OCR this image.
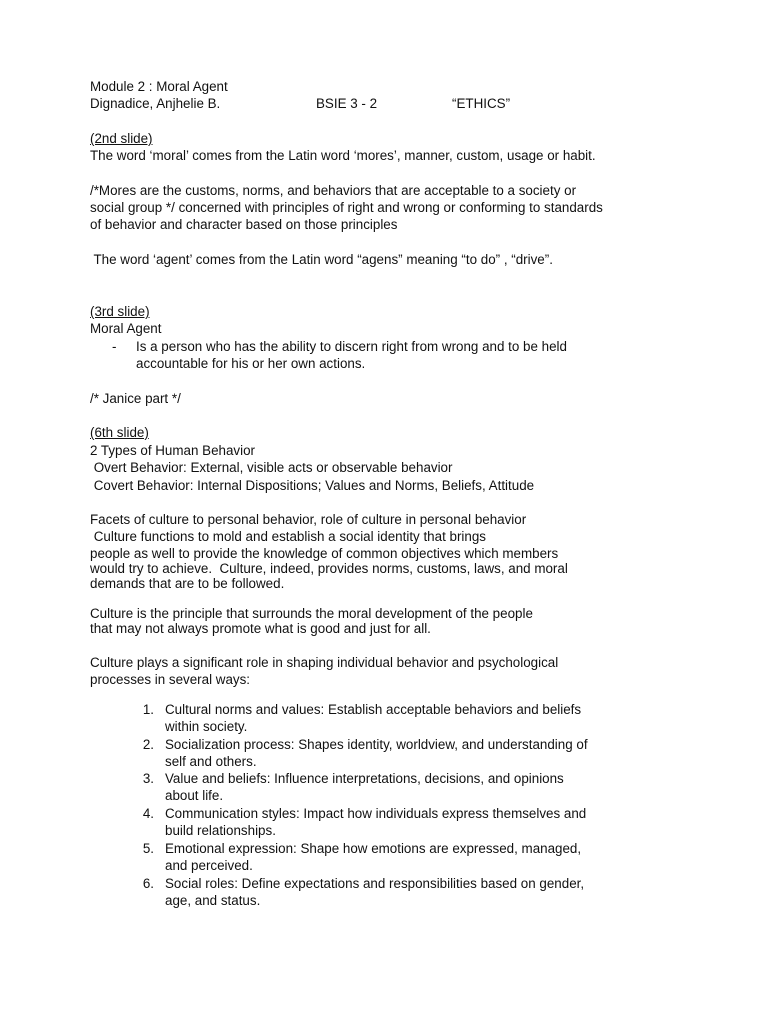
Module 2 : Moral Agent
Dignadice, Anjhelie B.	BSIE 3 - 2	“ETHICS”
(2nd slide)
The word ‘moral’ comes from the Latin word ‘mores’, manner, custom, usage or habit.
/*Mores are the customs, norms, and behaviors that are acceptable to a society or
social group */ concerned with principles of right and wrong or conforming to standards
of behavior and character based on those principles
The word ‘agent’ comes from the Latin word “agens” meaning “to do” , “drive”.
(3rd slide)
Moral Agent
- Is a person who has the ability to discern right from wrong and to be held
accountable for his or her own actions.
/* Janice part */
(6th slide)
2 Types of Human Behavior
Overt Behavior: External, visible acts or observable behavior
Covert Behavior: Internal Dispositions; Values and Norms, Beliefs, Attitude
Facets of culture to personal behavior, role of culture in personal behavior
Culture functions to mold and establish a social identity that brings
people as well to provide the knowledge of common objectives which members
would try to achieve.  Culture, indeed, provides norms, customs, laws, and moral
demands that are to be followed.
Culture is the principle that surrounds the moral development of the people
that may not always promote what is good and just for all.
Culture plays a significant role in shaping individual behavior and psychological
processes in several ways:
1. Cultural norms and values: Establish acceptable behaviors and beliefs
within society.
2. Socialization process: Shapes identity, worldview, and understanding of
self and others.
3. Value and beliefs: Influence interpretations, decisions, and opinions
about life.
4. Communication styles: Impact how individuals express themselves and
build relationships.
5. Emotional expression: Shape how emotions are expressed, managed,
and perceived.
6. Social roles: Define expectations and responsibilities based on gender,
age, and status.
